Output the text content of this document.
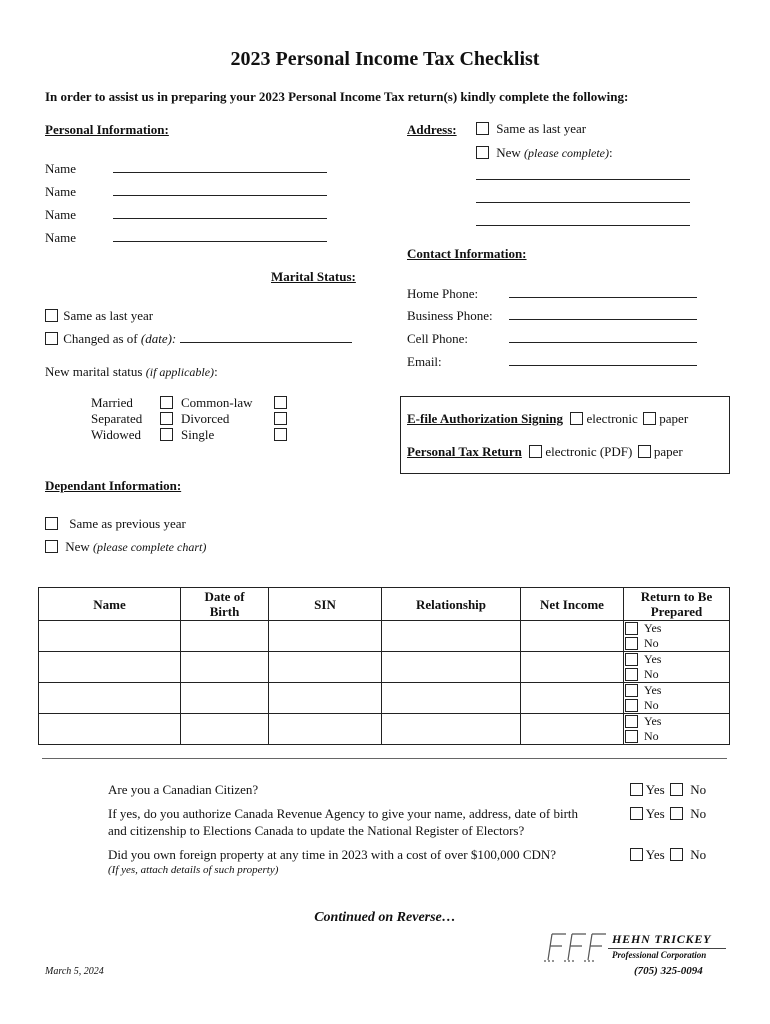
2023 Personal Income Tax Checklist
In order to assist us in preparing your 2023 Personal Income Tax return(s) kindly complete the following:
Personal Information:
Name
Name
Name
Name
Address:	Same as last year
New (please complete):
Contact Information:
Home Phone:
Business Phone:
Cell Phone:
Email:
Marital Status:
Same as last year
Changed as of (date):
New marital status (if applicable):
Married
Separated
Widowed
Common-law
Divorced
Single
E-file Authorization Signing electronic paper
Personal Tax Return electronic (PDF) paper
Dependant Information:
Same as previous year
New (please complete chart)
Name	Date of Birth	SIN	Relationship	Net Income	Return to Be Prepared

					Yes
No

					Yes
No

					Yes
No

					Yes
No
Are you a Canadian Citizen?	Yes No
If yes, do you authorize Canada Revenue Agency to give your name, address, date of birth
and citizenship to Elections Canada to update the National Register of Electors?
Yes No
Did you own foreign property at any time in 2023 with a cost of over $100,000 CDN?
(If yes, attach details of such property)
Yes No
Continued on Reverse…
March 5, 2024
HEHN TRICKEY
Professional Corporation
(705) 325-0094
